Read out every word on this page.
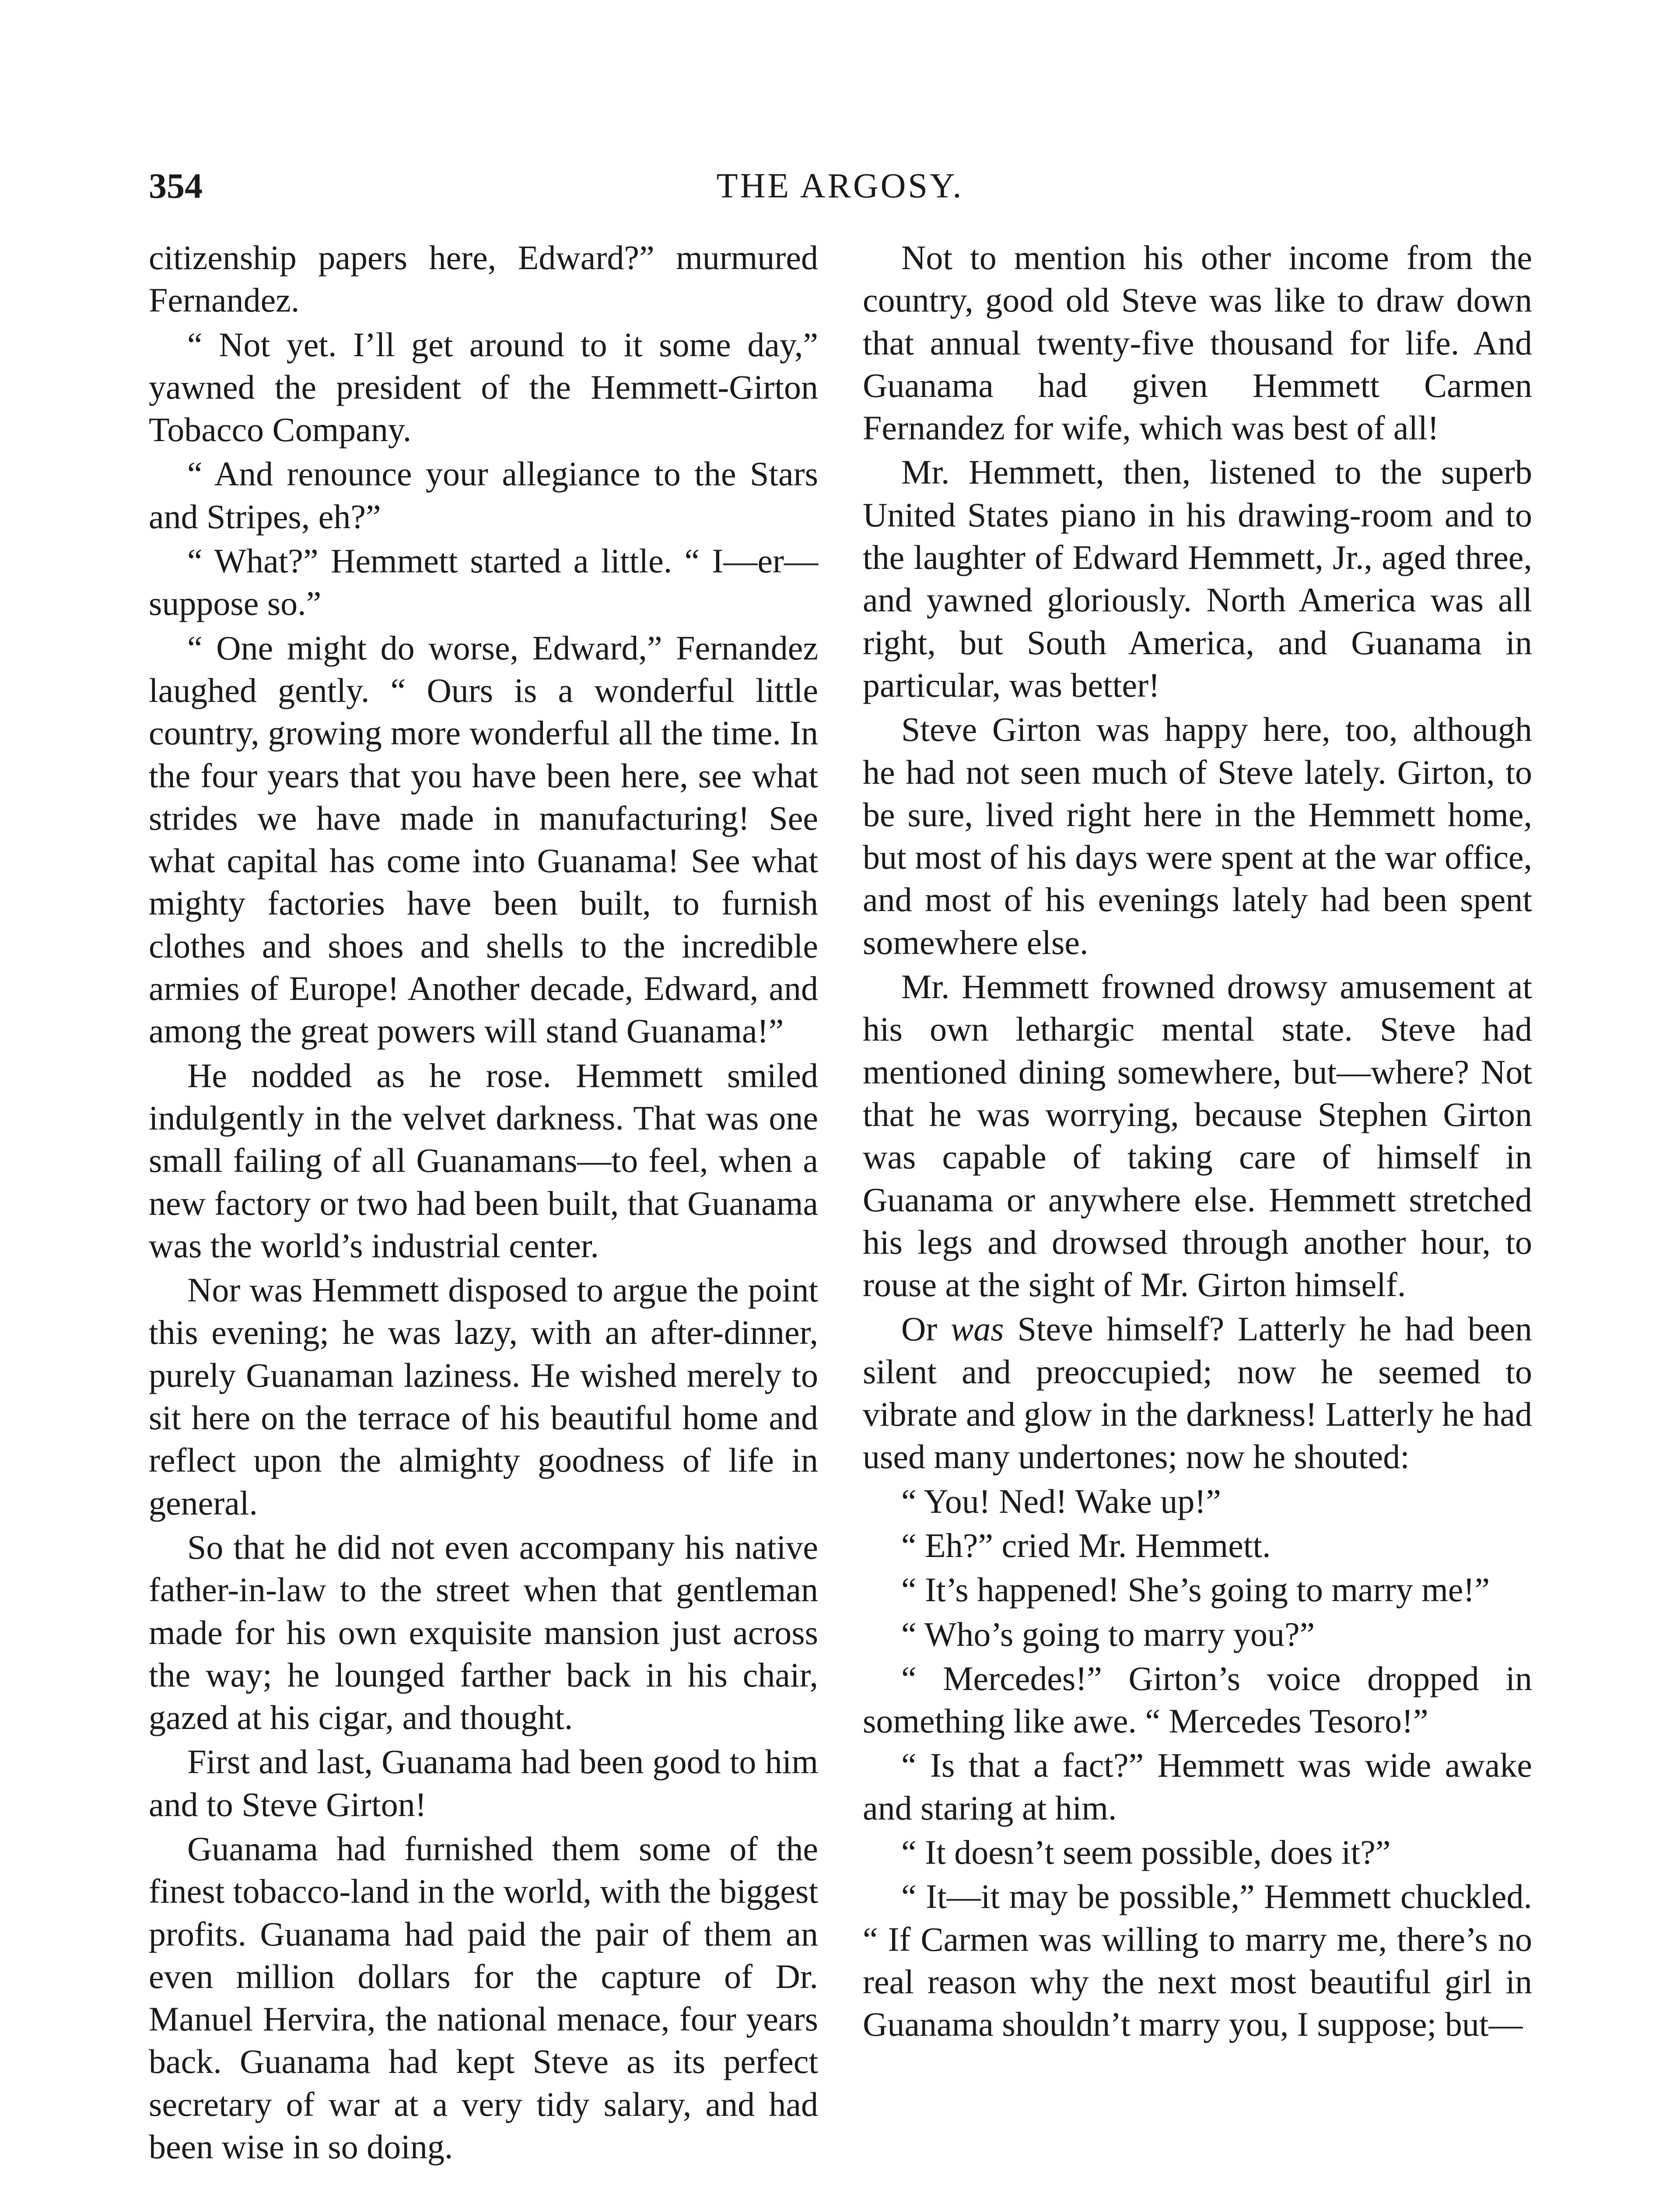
354	THE ARGOSY.

citizenship papers here, Edward?” murmured Fernandez.

“ Not yet. I’ll get around to it some day,” yawned the president of the Hemmett-Girton Tobacco Company.

“ And renounce your allegiance to the Stars and Stripes, eh?”

“ What?” Hemmett started a little. “ I—er—suppose so.”

“ One might do worse, Edward,” Fernandez laughed gently. “ Ours is a wonderful little country, growing more wonderful all the time. In the four years that you have been here, see what strides we have made in manufacturing! See what capital has come into Guanama! See what mighty factories have been built, to furnish clothes and shoes and shells to the incredible armies of Europe! Another decade, Edward, and among the great powers will stand Guanama!”

He nodded as he rose. Hemmett smiled indulgently in the velvet darkness. That was one small failing of all Guanamans—to feel, when a new factory or two had been built, that Guanama was the world’s industrial center.

Nor was Hemmett disposed to argue the point this evening; he was lazy, with an after-dinner, purely Guanaman laziness. He wished merely to sit here on the terrace of his beautiful home and reflect upon the almighty goodness of life in general.

So that he did not even accompany his native father-in-law to the street when that gentleman made for his own exquisite mansion just across the way; he lounged farther back in his chair, gazed at his cigar, and thought.

First and last, Guanama had been good to him and to Steve Girton!

Guanama had furnished them some of the finest tobacco-land in the world, with the biggest profits. Guanama had paid the pair of them an even million dollars for the capture of Dr. Manuel Hervira, the national menace, four years back. Guanama had kept Steve as its perfect secretary of war at a very tidy salary, and had been wise in so doing.

Not to mention his other income from the country, good old Steve was like to draw down that annual twenty-five thousand for life. And Guanama had given Hemmett Carmen Fernandez for wife, which was best of all!

Mr. Hemmett, then, listened to the superb United States piano in his drawing-room and to the laughter of Edward Hemmett, Jr., aged three, and yawned gloriously. North America was all right, but South America, and Guanama in particular, was better!

Steve Girton was happy here, too, although he had not seen much of Steve lately. Girton, to be sure, lived right here in the Hemmett home, but most of his days were spent at the war office, and most of his evenings lately had been spent somewhere else.

Mr. Hemmett frowned drowsy amusement at his own lethargic mental state. Steve had mentioned dining somewhere, but—where? Not that he was worrying, because Stephen Girton was capable of taking care of himself in Guanama or anywhere else. Hemmett stretched his legs and drowsed through another hour, to rouse at the sight of Mr. Girton himself.

Or was Steve himself? Latterly he had been silent and preoccupied; now he seemed to vibrate and glow in the darkness! Latterly he had used many undertones; now he shouted:

“ You! Ned! Wake up!”

“ Eh?” cried Mr. Hemmett.

“ It’s happened! She’s going to marry me!”

“ Who’s going to marry you?”

“ Mercedes!” Girton’s voice dropped in something like awe. “ Mercedes Tesoro!”

“ Is that a fact?” Hemmett was wide awake and staring at him.

“ It doesn’t seem possible, does it?”

“ It—it may be possible,” Hemmett chuckled. “ If Carmen was willing to marry me, there’s no real reason why the next most beautiful girl in Guanama shouldn’t marry you, I suppose; but—
